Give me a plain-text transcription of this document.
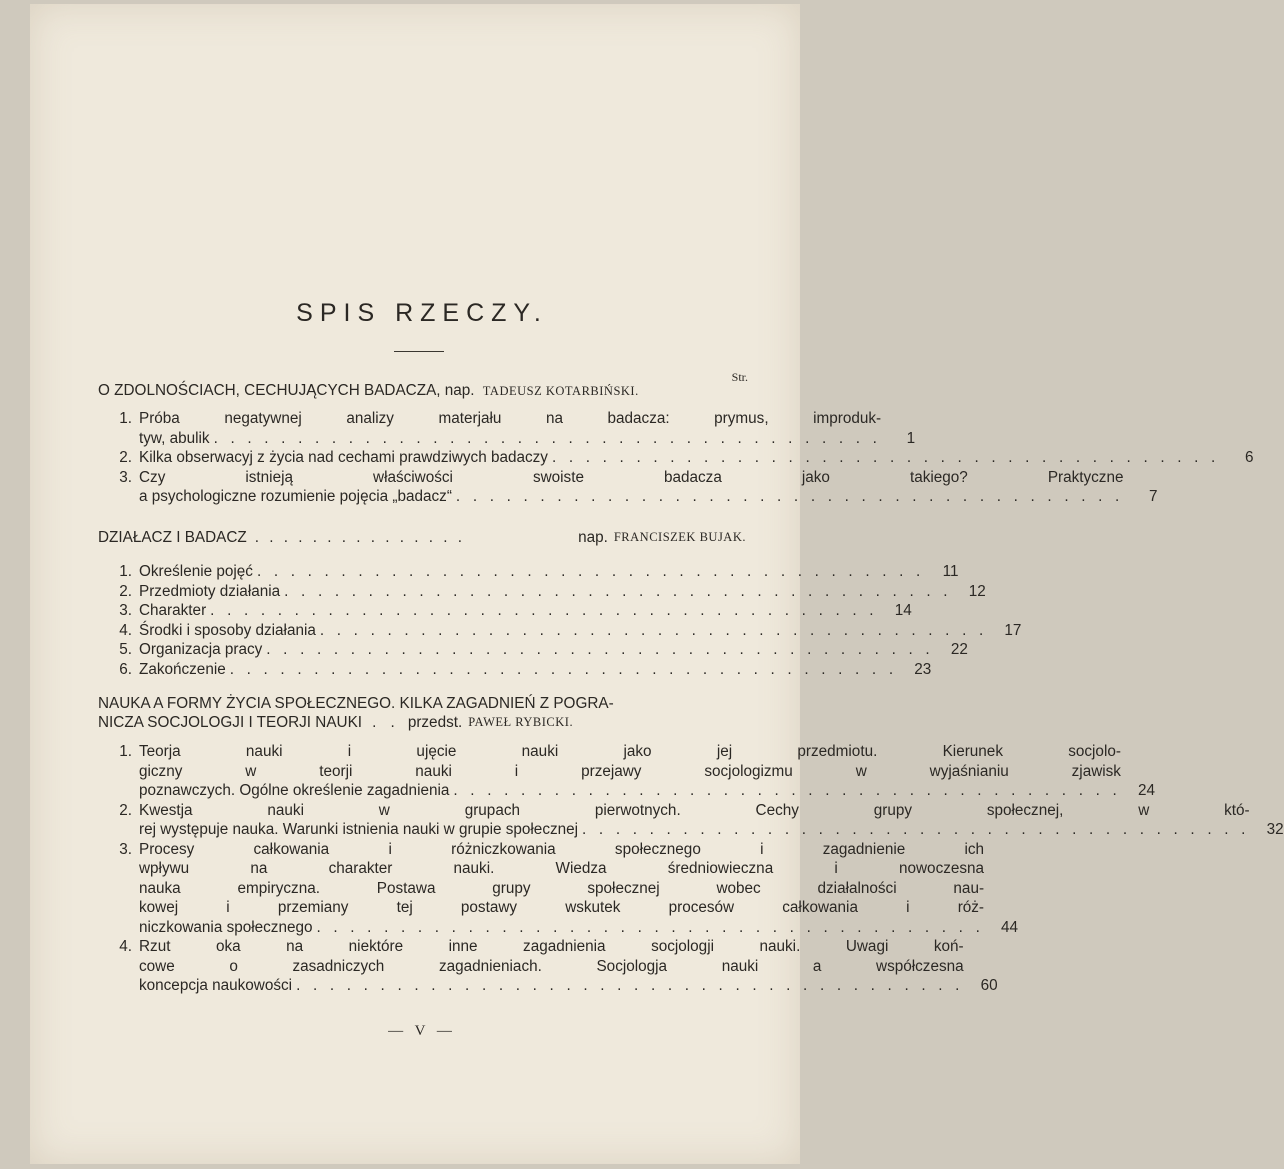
SPIS RZECZY.
Str.
O ZDOLNOŚCIACH, CECHUJĄCYCH BADACZA, nap. TADEUSZ KOTARBIŃSKI.
1. Próba negatywnej analizy materjału na badacza: prymus, improduk-
tyw, abulik . . .	1
2. Kilka obserwacyj z życia nad cechami prawdziwych badaczy . . .	6
3. Czy istnieją właściwości swoiste badacza jako takiego? Praktyczne
a psychologiczne rozumienie pojęcia „badacz“ . . .	7
DZIAŁACZ I BADACZ . . . . . . . . . . . . . . .	nap. FRANCISZEK BUJAK.
1. Określenie pojęć . . .	11
2. Przedmioty działania . . .	12
3. Charakter . . .	14
4. Środki i sposoby działania . . .	17
5. Organizacja pracy . . .	22
6. Zakończenie . . .	23
NAUKA A FORMY ŻYCIA SPOŁECZNEGO. KILKA ZAGADNIEŃ Z POGRA-
NICZA SOCJOLOGJI I TEORJI NAUKI . . przedst. PAWEŁ RYBICKI.
1. Teorja nauki i ujęcie nauki jako jej przedmiotu. Kierunek socjolo-
giczny w teorji nauki i przejawy socjologizmu w wyjaśnianiu zjawisk
poznawczych. Ogólne określenie zagadnienia . . .	24
2. Kwestja nauki w grupach pierwotnych. Cechy grupy społecznej, w któ-
rej występuje nauka. Warunki istnienia nauki w grupie społecznej . . .	32
3. Procesy całkowania i różniczkowania społecznego i zagadnienie ich
wpływu na charakter nauki. Wiedza średniowieczna i nowoczesna
nauka empiryczna. Postawa grupy społecznej wobec działalności nau-
kowej i przemiany tej postawy wskutek procesów całkowania i róż-
niczkowania społecznego . . .	44
4. Rzut oka na niektóre inne zagadnienia socjologji nauki. Uwagi koń-
cowe o zasadniczych zagadnieniach. Socjologja nauki a współczesna
koncepcja naukowości . . .	60
— V —
